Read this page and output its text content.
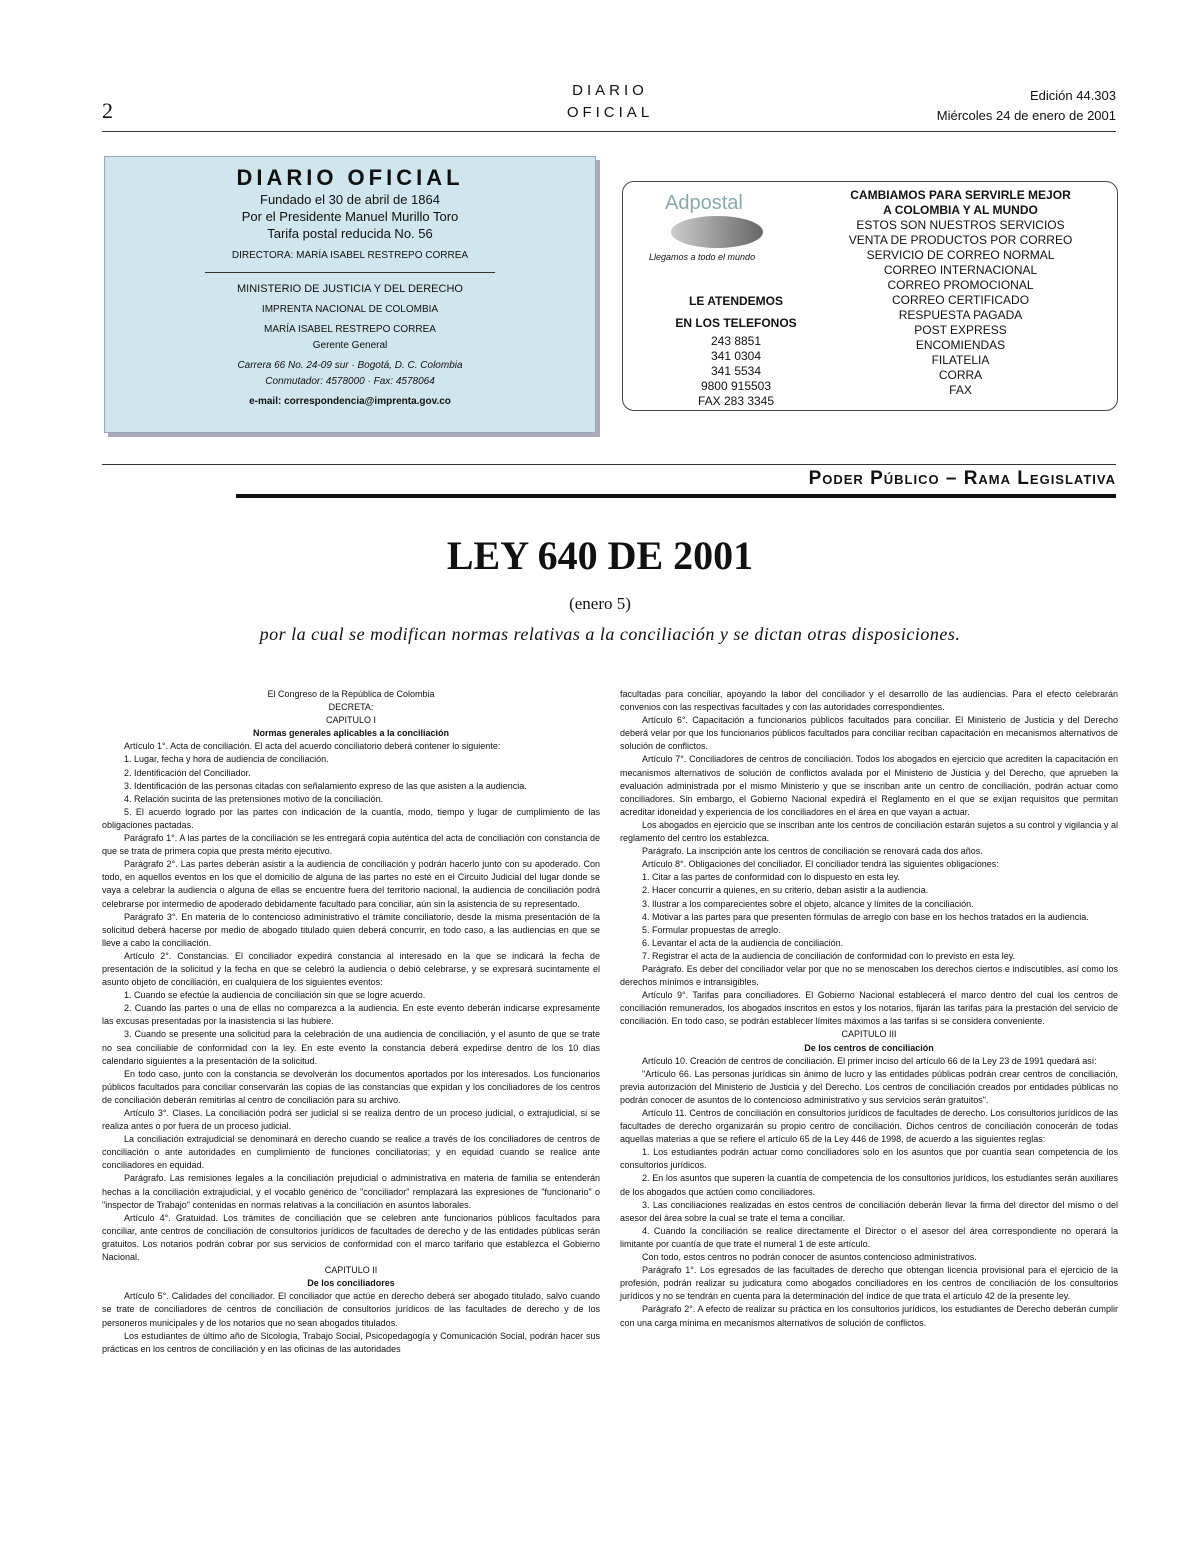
2
DIARIO
OFICIAL
Edición 44.303
Miércoles 24 de enero de 2001
DIARIO OFICIAL
Fundado el 30 de abril de 1864
Por el Presidente Manuel Murillo Toro
Tarifa postal reducida No. 56
DIRECTORA: MARÍA ISABEL RESTREPO CORREA
MINISTERIO DE JUSTICIA Y DEL DERECHO
IMPRENTA NACIONAL DE COLOMBIA
MARÍA ISABEL RESTREPO CORREA
Gerente General
Carrera 66 No. 24-09 sur · Bogotá, D. C. Colombia
Conmutador: 4578000 · Fax: 4578064
e-mail: correspondencia@imprenta.gov.co
Adpostal
Llegamos a todo el mundo
LE ATENDEMOS
EN LOS TELEFONOS
243 8851
341 0304
341 5534
9800 915503
FAX 283 3345
CAMBIAMOS PARA SERVIRLE MEJOR
A COLOMBIA Y AL MUNDO
ESTOS SON NUESTROS SERVICIOS
VENTA DE PRODUCTOS POR CORREO
SERVICIO DE CORREO NORMAL
CORREO INTERNACIONAL
CORREO PROMOCIONAL
CORREO CERTIFICADO
RESPUESTA PAGADA
POST EXPRESS
ENCOMIENDAS
FILATELIA
CORRA
FAX
Poder Público – Rama Legislativa
LEY 640 DE 2001
(enero 5)
por la cual se modifican normas relativas a la conciliación y se dictan otras disposiciones.

El Congreso de la República de Colombia

DECRETA:

CAPITULO I

Normas generales aplicables a la conciliación

Artículo 1°. Acta de conciliación. El acta del acuerdo conciliatorio deberá contener lo siguiente:

1. Lugar, fecha y hora de audiencia de conciliación.

2. Identificación del Conciliador.

3. Identificación de las personas citadas con señalamiento expreso de las que asisten a la audiencia.

4. Relación sucinta de las pretensiones motivo de la conciliación.

5. El acuerdo logrado por las partes con indicación de la cuantía, modo, tiempo y lugar de cumplimiento de las obligaciones pactadas.

Parágrafo 1°. A las partes de la conciliación se les entregará copia auténtica del acta de conciliación con constancia de que se trata de primera copia que presta mérito ejecutivo.

Parágrafo 2°. Las partes deberán asistir a la audiencia de conciliación y podrán hacerlo junto con su apoderado. Con todo, en aquellos eventos en los que el domicilio de alguna de las partes no esté en el Circuito Judicial del lugar donde se vaya a celebrar la audiencia o alguna de ellas se encuentre fuera del territorio nacional, la audiencia de conciliación podrá celebrarse por intermedio de apoderado debidamente facultado para conciliar, aún sin la asistencia de su representado.

Parágrafo 3°. En materia de lo contencioso administrativo el trámite conciliatorio, desde la misma presentación de la solicitud deberá hacerse por medio de abogado titulado quien deberá concurrir, en todo caso, a las audiencias en que se lleve a cabo la conciliación.

Artículo 2°. Constancias. El conciliador expedirá constancia al interesado en la que se indicará la fecha de presentación de la solicitud y la fecha en que se celebró la audiencia o debió celebrarse, y se expresará sucintamente el asunto objeto de conciliación, en cualquiera de los siguientes eventos:

1. Cuando se efectúe la audiencia de conciliación sin que se logre acuerdo.

2. Cuando las partes o una de ellas no comparezca a la audiencia. En este evento deberán indicarse expresamente las excusas presentadas por la inasistencia si las hubiere.

3. Cuando se presente una solicitud para la celebración de una audiencia de conciliación, y el asunto de que se trate no sea conciliable de conformidad con la ley. En este evento la constancia deberá expedirse dentro de los 10 días calendario siguientes a la presentación de la solicitud.

En todo caso, junto con la constancia se devolverán los documentos aportados por los interesados. Los funcionarios públicos facultados para conciliar conservarán las copias de las constancias que expidan y los conciliadores de los centros de conciliación deberán remitirlas al centro de conciliación para su archivo.

Artículo 3°. Clases. La conciliación podrá ser judicial si se realiza dentro de un proceso judicial, o extrajudicial, si se realiza antes o por fuera de un proceso judicial.

La conciliación extrajudicial se denominará en derecho cuando se realice a través de los conciliadores de centros de conciliación o ante autoridades en cumplimiento de funciones conciliatorias; y en equidad cuando se realice ante conciliadores en equidad.

Parágrafo. Las remisiones legales a la conciliación prejudicial o administrativa en materia de familia se entenderán hechas a la conciliación extrajudicial, y el vocablo genérico de "conciliador" remplazará las expresiones de "funcionario" o "inspector de Trabajo" contenidas en normas relativas a la conciliación en asuntos laborales.

Artículo 4°. Gratuidad. Los trámites de conciliación que se celebren ante funcionarios públicos facultados para conciliar, ante centros de conciliación de consultorios jurídicos de facultades de derecho y de las entidades públicas serán gratuitos. Los notarios podrán cobrar por sus servicios de conformidad con el marco tarifario que establezca el Gobierno Nacional.

CAPITULO II

De los conciliadores

Artículo 5°. Calidades del conciliador. El conciliador que actúe en derecho deberá ser abogado titulado, salvo cuando se trate de conciliadores de centros de conciliación de consultorios jurídicos de las facultades de derecho y de los personeros municipales y de los notarios que no sean abogados titulados.

Los estudiantes de último año de Sicología, Trabajo Social, Psicopedagogía y Comunicación Social, podrán hacer sus prácticas en los centros de conciliación y en las oficinas de las autoridades

facultadas para conciliar, apoyando la labor del conciliador y el desarrollo de las audiencias. Para el efecto celebrarán convenios con las respectivas facultades y con las autoridades correspondientes.

Artículo 6°. Capacitación a funcionarios públicos facultados para conciliar. El Ministerio de Justicia y del Derecho deberá velar por que los funcionarios públicos facultados para conciliar reciban capacitación en mecanismos alternativos de solución de conflictos.

Artículo 7°. Conciliadores de centros de conciliación. Todos los abogados en ejercicio que acrediten la capacitación en mecanismos alternativos de solución de conflictos avalada por el Ministerio de Justicia y del Derecho, que aprueben la evaluación administrada por el mismo Ministerio y que se inscriban ante un centro de conciliación, podrán actuar como conciliadores. Sin embargo, el Gobierno Nacional expedirá el Reglamento en el que se exijan requisitos que permitan acreditar idoneidad y experiencia de los conciliadores en el área en que vayan a actuar.

Los abogados en ejercicio que se inscriban ante los centros de conciliación estarán sujetos a su control y vigilancia y al reglamento del centro los establezca.

Parágrafo. La inscripción ante los centros de conciliación se renovará cada dos años.

Artículo 8°. Obligaciones del conciliador. El conciliador tendrá las siguientes obligaciones:

1. Citar a las partes de conformidad con lo dispuesto en esta ley.

2. Hacer concurrir a quienes, en su criterio, deban asistir a la audiencia.

3. Ilustrar a los comparecientes sobre el objeto, alcance y límites de la conciliación.

4. Motivar a las partes para que presenten fórmulas de arreglo con base en los hechos tratados en la audiencia.

5. Formular propuestas de arreglo.

6. Levantar el acta de la audiencia de conciliación.

7. Registrar el acta de la audiencia de conciliación de conformidad con lo previsto en esta ley.

Parágrafo. Es deber del conciliador velar por que no se menoscaben los derechos ciertos e indiscutibles, así como los derechos mínimos e intransigibles.

Artículo 9°. Tarifas para conciliadores. El Gobierno Nacional establecerá el marco dentro del cual los centros de conciliación remunerados, los abogados inscritos en estos y los notarios, fijarán las tarifas para la prestación del servicio de conciliación. En todo caso, se podrán establecer límites máximos a las tarifas si se considera conveniente.

CAPITULO III

De los centros de conciliación

Artículo 10. Creación de centros de conciliación. El primer inciso del artículo 66 de la Ley 23 de 1991 quedará así:

"Artículo 66. Las personas jurídicas sin ánimo de lucro y las entidades públicas podrán crear centros de conciliación, previa autorización del Ministerio de Justicia y del Derecho. Los centros de conciliación creados por entidades públicas no podrán conocer de asuntos de lo contencioso administrativo y sus servicios serán gratuitos".

Artículo 11. Centros de conciliación en consultorios jurídicos de facultades de derecho. Los consultorios jurídicos de las facultades de derecho organizarán su propio centro de conciliación. Dichos centros de conciliación conocerán de todas aquellas materias a que se refiere el artículo 65 de la Ley 446 de 1998, de acuerdo a las siguientes reglas:

1. Los estudiantes podrán actuar como conciliadores solo en los asuntos que por cuantía sean competencia de los consultorios jurídicos.

2. En los asuntos que superen la cuantía de competencia de los consultorios jurídicos, los estudiantes serán auxiliares de los abogados que actúen como conciliadores.

3. Las conciliaciones realizadas en estos centros de conciliación deberán llevar la firma del director del mismo o del asesor del área sobre la cual se trate el tema a conciliar.

4. Cuando la conciliación se realice directamente el Director o el asesor del área correspondiente no operará la limitante por cuantía de que trate el numeral 1 de este artículo.

Con todo, estos centros no podrán conocer de asuntos contencioso administrativos.

Parágrafo 1°. Los egresados de las facultades de derecho que obtengan licencia provisional para el ejercicio de la profesión, podrán realizar su judicatura como abogados conciliadores en los centros de conciliación de los consultorios jurídicos y no se tendrán en cuenta para la determinación del índice de que trata el artículo 42 de la presente ley.

Parágrafo 2°. A efecto de realizar su práctica en los consultorios jurídicos, los estudiantes de Derecho deberán cumplir con una carga mínima en mecanismos alternativos de solución de conflictos.
